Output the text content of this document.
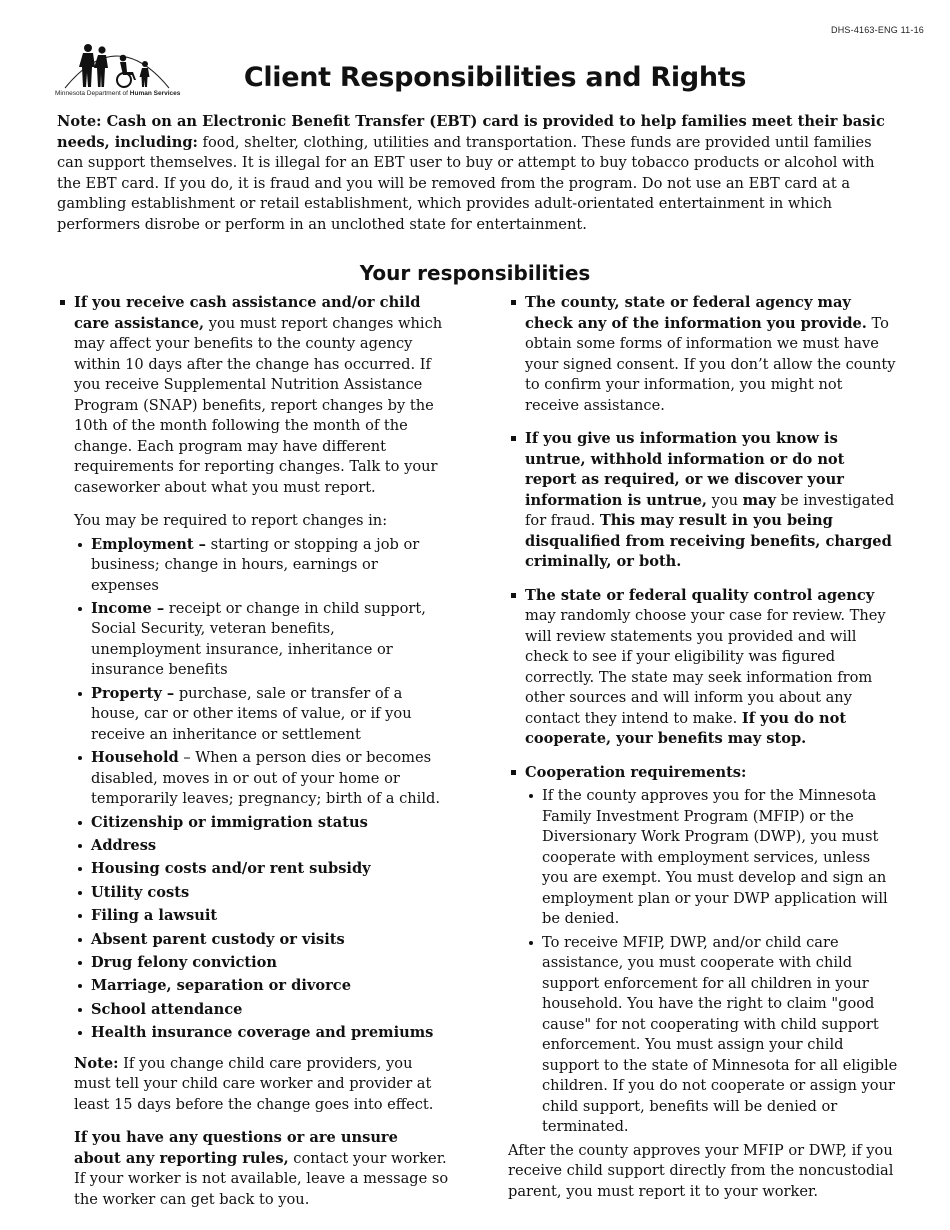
DHS-4163-ENG 11-16
Minnesota Department of Human Services
Client Responsibilities and Rights
Note: Cash on an Electronic Benefit Transfer (EBT) card is provided to help families meet their basic needs, including: food, shelter, clothing, utilities and transportation. These funds are provided until families can support themselves. It is illegal for an EBT user to buy or attempt to buy tobacco products or alcohol with the EBT card. If you do, it is fraud and you will be removed from the program. Do not use an EBT card at a gambling establishment or retail establishment, which provides adult-orientated entertainment in which performers disrobe or perform in an unclothed state for entertainment.
Your responsibilities
If you receive cash assistance and/or child care assistance, you must report changes which may affect your benefits to the county agency within 10 days after the change has occurred. If you receive Supplemental Nutrition Assistance Program (SNAP) benefits, report changes by the 10th of the month following the month of the change. Each program may have different requirements for reporting changes. Talk to your caseworker about what you must report.
You may be required to report changes in:
Employment – starting or stopping a job or business; change in hours, earnings or expenses
Income – receipt or change in child support, Social Security, veteran benefits, unemployment insurance, inheritance or insurance benefits
Property – purchase, sale or transfer of a house, car or other items of value, or if you receive an inheritance or settlement
Household – When a person dies or becomes disabled, moves in or out of your home or temporarily leaves; pregnancy; birth of a child.
Citizenship or immigration status
Address
Housing costs and/or rent subsidy
Utility costs
Filing a lawsuit
Absent parent custody or visits
Drug felony conviction
Marriage, separation or divorce
School attendance
Health insurance coverage and premiums
Note: If you change child care providers, you must tell your child care worker and provider at least 15 days before the change goes into effect.
If you have any questions or are unsure about any reporting rules, contact your worker. If your worker is not available, leave a message so the worker can get back to you.
The county, state or federal agency may check any of the information you provide. To obtain some forms of information we must have your signed consent. If you don’t allow the county to confirm your information, you might not receive assistance.
If you give us information you know is untrue, withhold information or do not report as required, or we discover your information is untrue, you may be investigated for fraud. This may result in you being disqualified from receiving benefits, charged criminally, or both.
The state or federal quality control agency may randomly choose your case for review. They will review statements you provided and will check to see if your eligibility was figured correctly. The state may seek information from other sources and will inform you about any contact they intend to make. If you do not cooperate, your benefits may stop.
Cooperation requirements:
If the county approves you for the Minnesota Family Investment Program (MFIP) or the Diversionary Work Program (DWP), you must cooperate with employment services, unless you are exempt. You must develop and sign an employment plan or your DWP application will be denied.
To receive MFIP, DWP, and/or child care assistance, you must cooperate with child support enforcement for all children in your household. You have the right to claim "good cause" for not cooperating with child support enforcement. You must assign your child support to the state of Minnesota for all eligible children. If you do not cooperate or assign your child support, benefits will be denied or terminated.
After the county approves your MFIP or DWP, if you receive child support directly from the noncustodial parent, you must report it to your worker.
